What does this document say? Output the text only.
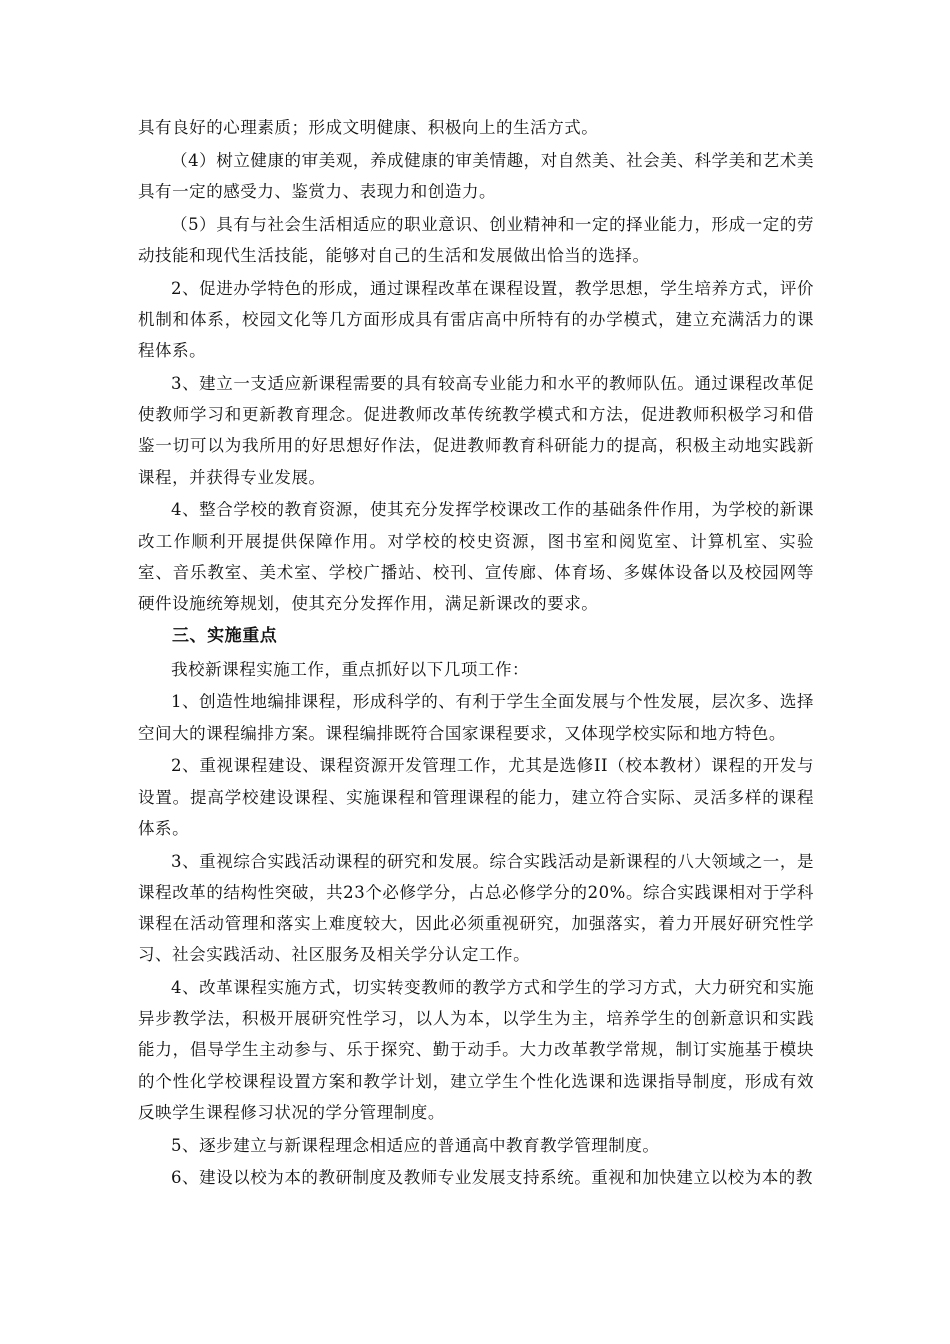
具有良好的心理素质；形成文明健康、积极向上的生活方式。

（4）树立健康的审美观，养成健康的审美情趣，对自然美、社会美、科学美和艺术美具有一定的感受力、鉴赏力、表现力和创造力。

（5）具有与社会生活相适应的职业意识、创业精神和一定的择业能力，形成一定的劳动技能和现代生活技能，能够对自己的生活和发展做出恰当的选择。

2、促进办学特色的形成，通过课程改革在课程设置，教学思想，学生培养方式，评价机制和体系，校园文化等几方面形成具有雷店高中所特有的办学模式，建立充满活力的课程体系。

3、建立一支适应新课程需要的具有较高专业能力和水平的教师队伍。通过课程改革促使教师学习和更新教育理念。促进教师改革传统教学模式和方法，促进教师积极学习和借鉴一切可以为我所用的好思想好作法，促进教师教育科研能力的提高，积极主动地实践新课程，并获得专业发展。

4、整合学校的教育资源，使其充分发挥学校课改工作的基础条件作用，为学校的新课改工作顺利开展提供保障作用。对学校的校史资源，图书室和阅览室、计算机室、实验室、音乐教室、美术室、学校广播站、校刊、宣传廊、体育场、多媒体设备以及校园网等硬件设施统筹规划，使其充分发挥作用，满足新课改的要求。

三、实施重点

我校新课程实施工作，重点抓好以下几项工作：

1、创造性地编排课程，形成科学的、有利于学生全面发展与个性发展，层次多、选择空间大的课程编排方案。课程编排既符合国家课程要求，又体现学校实际和地方特色。

2、重视课程建设、课程资源开发管理工作，尤其是选修II（校本教材）课程的开发与设置。提高学校建设课程、实施课程和管理课程的能力，建立符合实际、灵活多样的课程体系。

3、重视综合实践活动课程的研究和发展。综合实践活动是新课程的八大领域之一，是课程改革的结构性突破，共23个必修学分，占总必修学分的20%。综合实践课相对于学科课程在活动管理和落实上难度较大，因此必须重视研究，加强落实，着力开展好研究性学习、社会实践活动、社区服务及相关学分认定工作。

4、改革课程实施方式，切实转变教师的教学方式和学生的学习方式，大力研究和实施异步教学法，积极开展研究性学习，以人为本，以学生为主，培养学生的创新意识和实践能力，倡导学生主动参与、乐于探究、勤于动手。大力改革教学常规，制订实施基于模块的个性化学校课程设置方案和教学计划，建立学生个性化选课和选课指导制度，形成有效反映学生课程修习状况的学分管理制度。

5、逐步建立与新课程理念相适应的普通高中教育教学管理制度。

6、建设以校为本的教研制度及教师专业发展支持系统。重视和加快建立以校为本的教
